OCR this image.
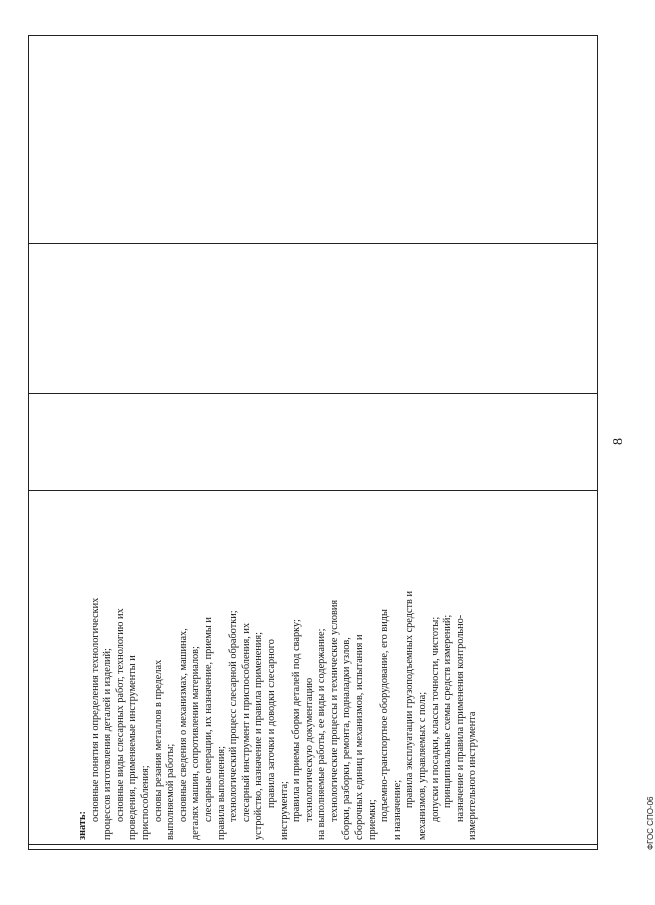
знать:
основные понятия и определения технологических процессов изготовления деталей и изделий; основные виды слесарных работ, технологию их проведения, применяемые инструменты и приспособления; основы резания металлов в пределах выполняемой работы; основные сведения о механизмах, машинах, деталях машин, сопротивлении материалов; слесарные операции, их назначение, приемы и правила выполнения; технологический процесс слесарной обработки; слесарный инструмент и приспособления, их устройство, назначение и правила применения; правила заточки и доводки слесарного
инструмента; правила и приемы сборки деталей под сварку; технологическую документацию на выполняемые работы, ее виды и содержание; технологические процессы и технические условия сборки, разборки, ремонта, подналадки узлов, сборочных единиц и механизмов, испытания и приемки; подъемно-транспортное оборудование, его виды и назначение;
правила эксплуатации грузоподъемных средств и механизмов, управляемых с пола; допуски и посадки, классы точности, чистоты; принципиальные схемы средств измерений; назначение и правила применения контрольно- измерительного инструмента
8
ФГОС СПО-06
